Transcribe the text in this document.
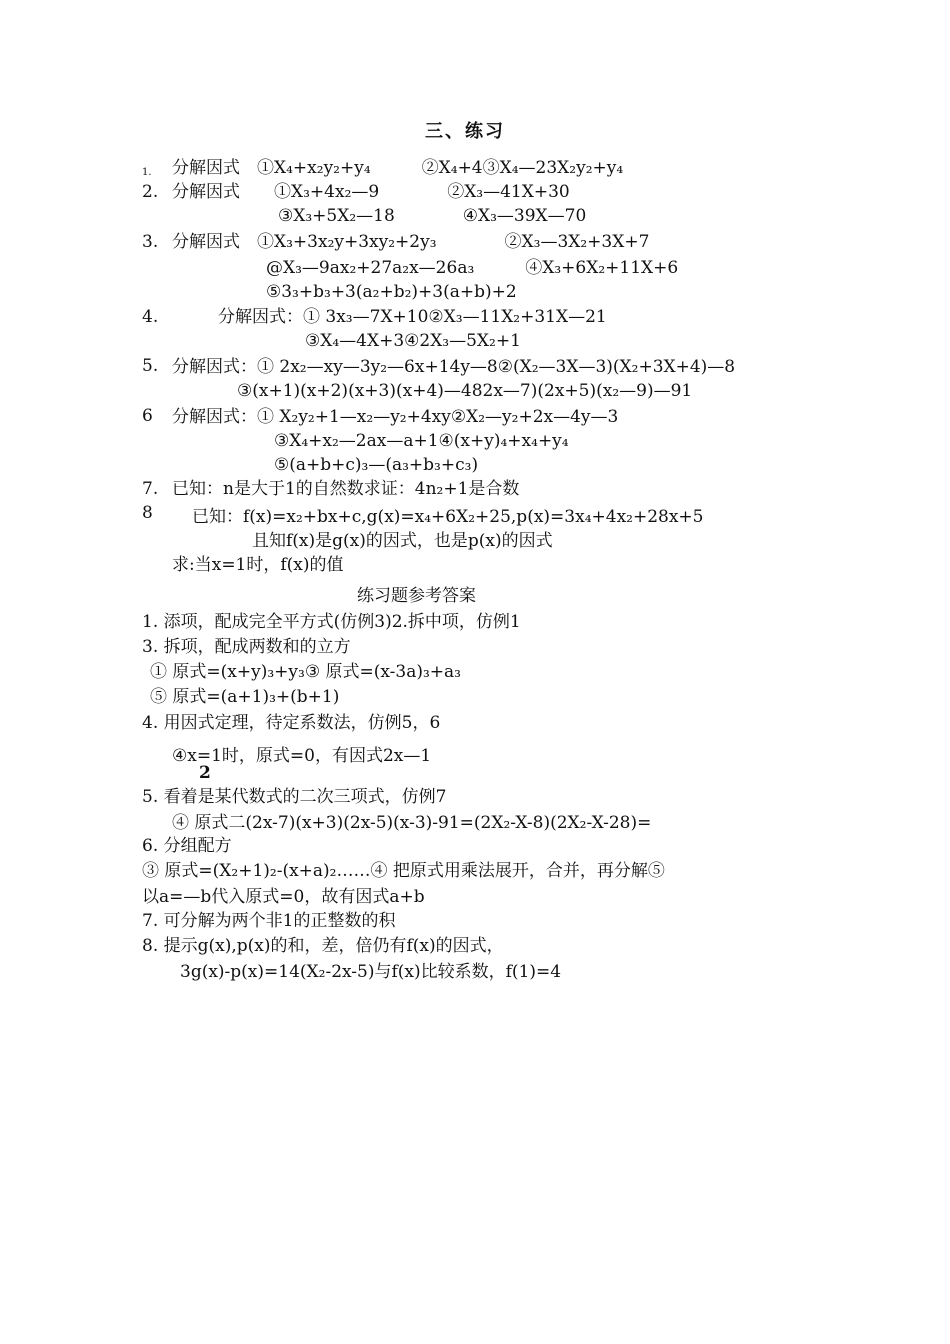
三、练习
1. 分解因式　①X₄+x₂y₂+y₄　　　②X₄+4③X₄—23X₂y₂+y₄
2. 分解因式　　①X₃+4x₂—9　　　　②X₃—41X+30
③X₃+5X₂—18　　　　④X₃—39X—70
3. 分解因式　①X₃+3x₂y+3xy₂+2y₃　　　　②X₃—3X₂+3X+7
@X₃—9ax₂+27a₂x—26a₃　　　④X₃+6X₂+11X+6
⑤3₃+b₃+3(a₂+b₂)+3(a+b)+2
4.	分解因式：① 3x₃—7X+10②X₃—11X₂+31X—21
③X₄—4X+3④2X₃—5X₂+1
5. 分解因式：① 2x₂—xy—3y₂—6x+14y—8②(X₂—3X—3)(X₂+3X+4)—8
③(x+1)(x+2)(x+3)(x+4)—482x—7)(2x+5)(x₂—9)—91
6 分解因式：① X₂y₂+1—x₂—y₂+4xy②X₂—y₂+2x—4y—3
③X₄+x₂—2ax—a+1④(x+y)₄+x₄+y₄
⑤(a+b+c)₃—(a₃+b₃+c₃)
7. 已知：n是大于1的自然数求证：4n₂+1是合数
8 已知：f(x)=x₂+bx+c,g(x)=x₄+6X₂+25,p(x)=3x₄+4x₂+28x+5
且知f(x)是g(x)的因式，也是p(x)的因式
求:当x=1时，f(x)的值
练习题参考答案
1. 添项，配成完全平方式(仿例3)2.拆中项，仿例1
3. 拆项，配成两数和的立方
① 原式=(x+y)₃+y₃③ 原式=(x-3a)₃+a₃
⑤ 原式=(a+1)₃+(b+1)
4. 用因式定理，待定系数法，仿例5，6
④x=1时，原式=0，有因式2x—1
2
5. 看着是某代数式的二次三项式，仿例7
④ 原式二(2x-7)(x+3)(2x-5)(x-3)-91=(2X₂-X-8)(2X₂-X-28)=
6. 分组配方
③ 原式=(X₂+1)₂-(x+a)₂……④ 把原式用乘法展开，合并，再分解⑤
以a=—b代入原式=0，故有因式a+b
7. 可分解为两个非1的正整数的积
8. 提示g(x),p(x)的和，差，倍仍有f(x)的因式，
3g(x)-p(x)=14(X₂-2x-5)与f(x)比较系数，f(1)=4
